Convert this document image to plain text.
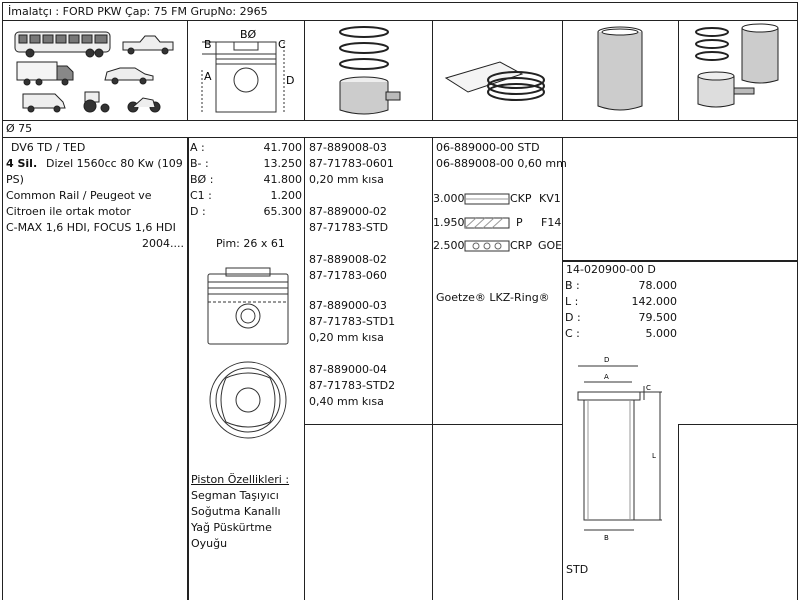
İmalatçı : FORD PKW Çap: 75 FM GrupNo: 2965
Ø 75
B
BØ
C
A	D
DV6 TD / TED
4 Sil. Dizel 1560cc 80 Kw (109
PS)
Common Rail / Peugeot ve
Citroen ile ortak motor
C-MAX 1,6 HDI, FOCUS 1,6 HDI
2004....
A :	41.700
B- :	13.250
BØ :	41.800
C1 :	1.200
D :	65.300
Pim: 26 x 61
Piston Özellikleri :
Segman Taşıyıcı
Soğutma Kanallı
Yağ Püskürtme
Oyuğu
87-889008-03
87-71783-0601
0,20 mm kısa
87-889000-02
87-71783-STD
87-889008-02
87-71783-060
87-889000-03
87-71783-STD1
0,20 mm kısa
87-889000-04
87-71783-STD2
0,40 mm kısa
06-889000-00 STD
06-889008-00 0,60 mm
3.000	CKP KV1
1.950	P F14
2.500	CRP GOE
Goetze® LKZ-Ring®
14-020900-00 D
B :	78.000
L :	142.000
D :	79.500
C :	5.000
D
A
C
L
B
STD
